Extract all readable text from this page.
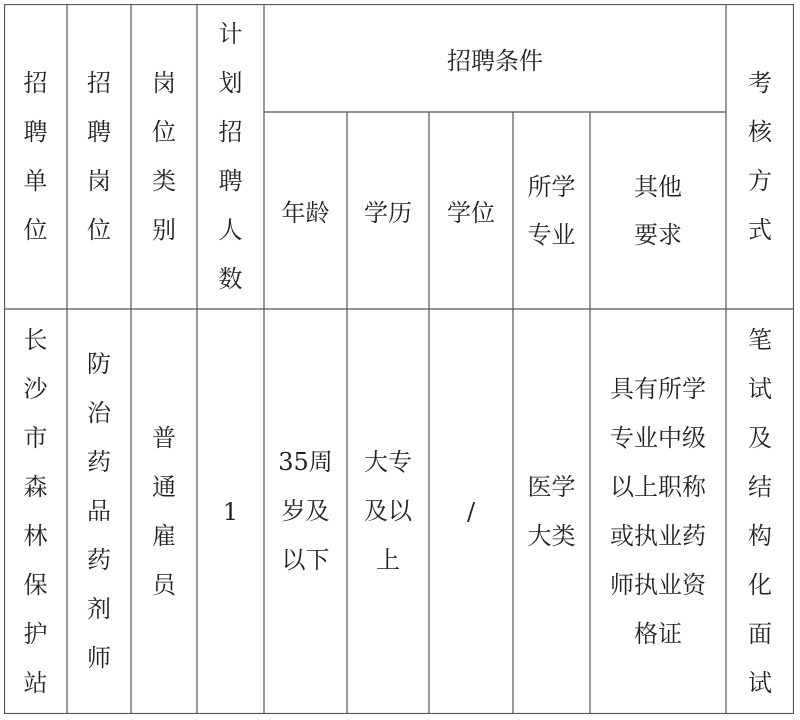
招
聘
单
位
招
聘
岗
位
岗
位
类
别
计
划
招
聘
人
数
招聘条件
年龄	学历	学位
所学
专业
其他
要求
考
核
方
式
长
沙
市
森
林
保
护
站
防
治
药
品
药
剂
师
普
通
雇
员
1
35周
岁及
以下
大专
及以
上
/
医学
大类
具有所学
专业中级
以上职称
或执业药
师执业资
格证
笔
试
及
结
构
化
面
试
